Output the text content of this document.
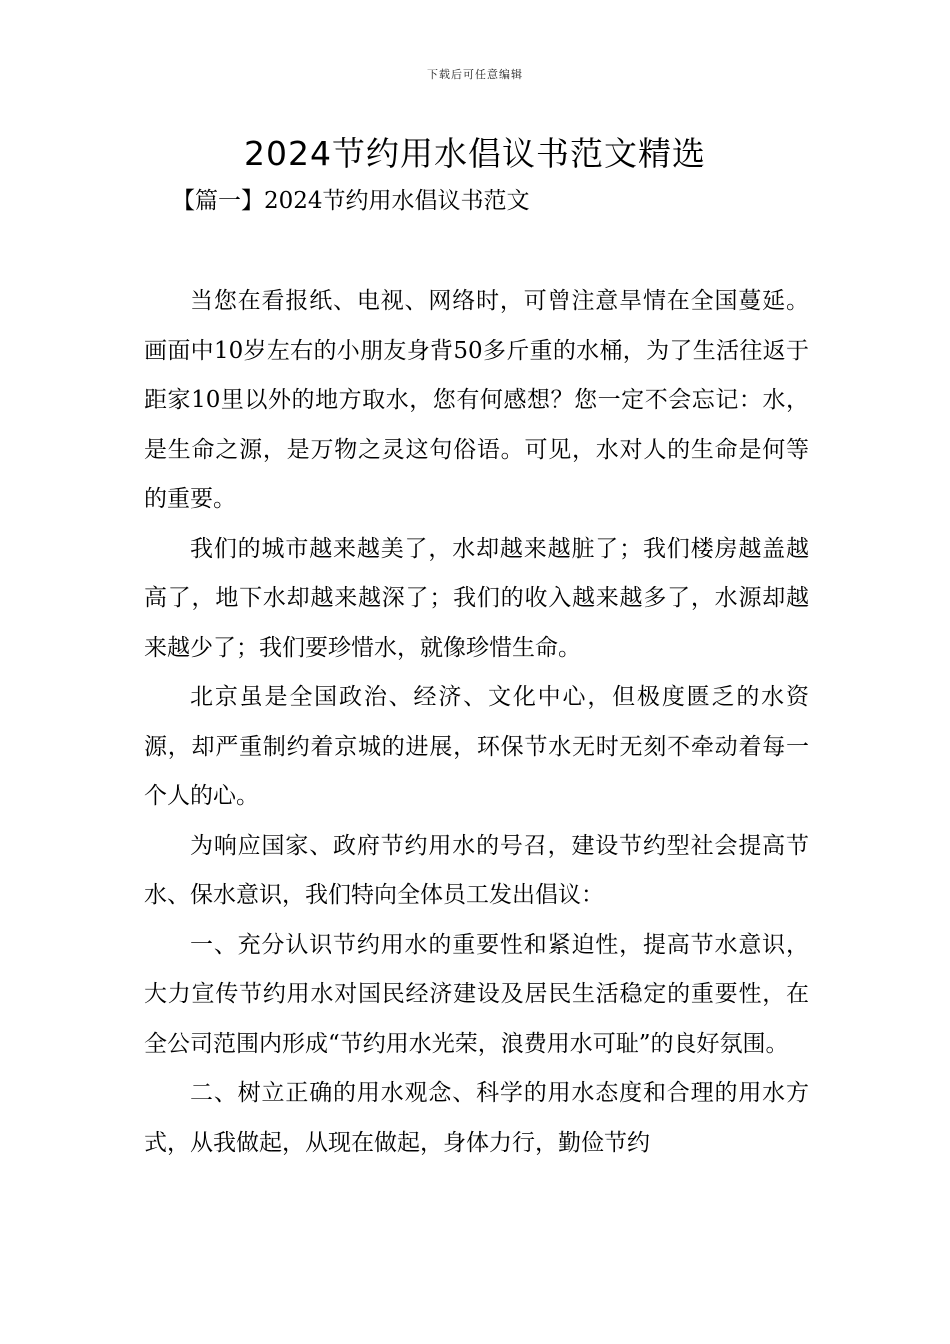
下载后可任意编辑
2024节约用水倡议书范文精选
【篇一】2024节约用水倡议书范文

当您在看报纸、电视、网络时，可曾注意旱情在全国蔓延。画面中10岁左右的小朋友身背50多斤重的水桶，为了生活往返于距家10里以外的地方取水，您有何感想？您一定不会忘记：水，是生命之源，是万物之灵这句俗语。可见，水对人的生命是何等的重要。

我们的城市越来越美了，水却越来越脏了；我们楼房越盖越高了，地下水却越来越深了；我们的收入越来越多了，水源却越来越少了；我们要珍惜水，就像珍惜生命。

北京虽是全国政治、经济、文化中心，但极度匮乏的水资源，却严重制约着京城的进展，环保节水无时无刻不牵动着每一个人的心。

为响应国家、政府节约用水的号召，建设节约型社会提高节水、保水意识，我们特向全体员工发出倡议：

一、充分认识节约用水的重要性和紧迫性，提高节水意识，大力宣传节约用水对国民经济建设及居民生活稳定的重要性，在全公司范围内形成“节约用水光荣，浪费用水可耻”的良好氛围。

二、树立正确的用水观念、科学的用水态度和合理的用水方式，从我做起，从现在做起，身体力行，勤俭节约
